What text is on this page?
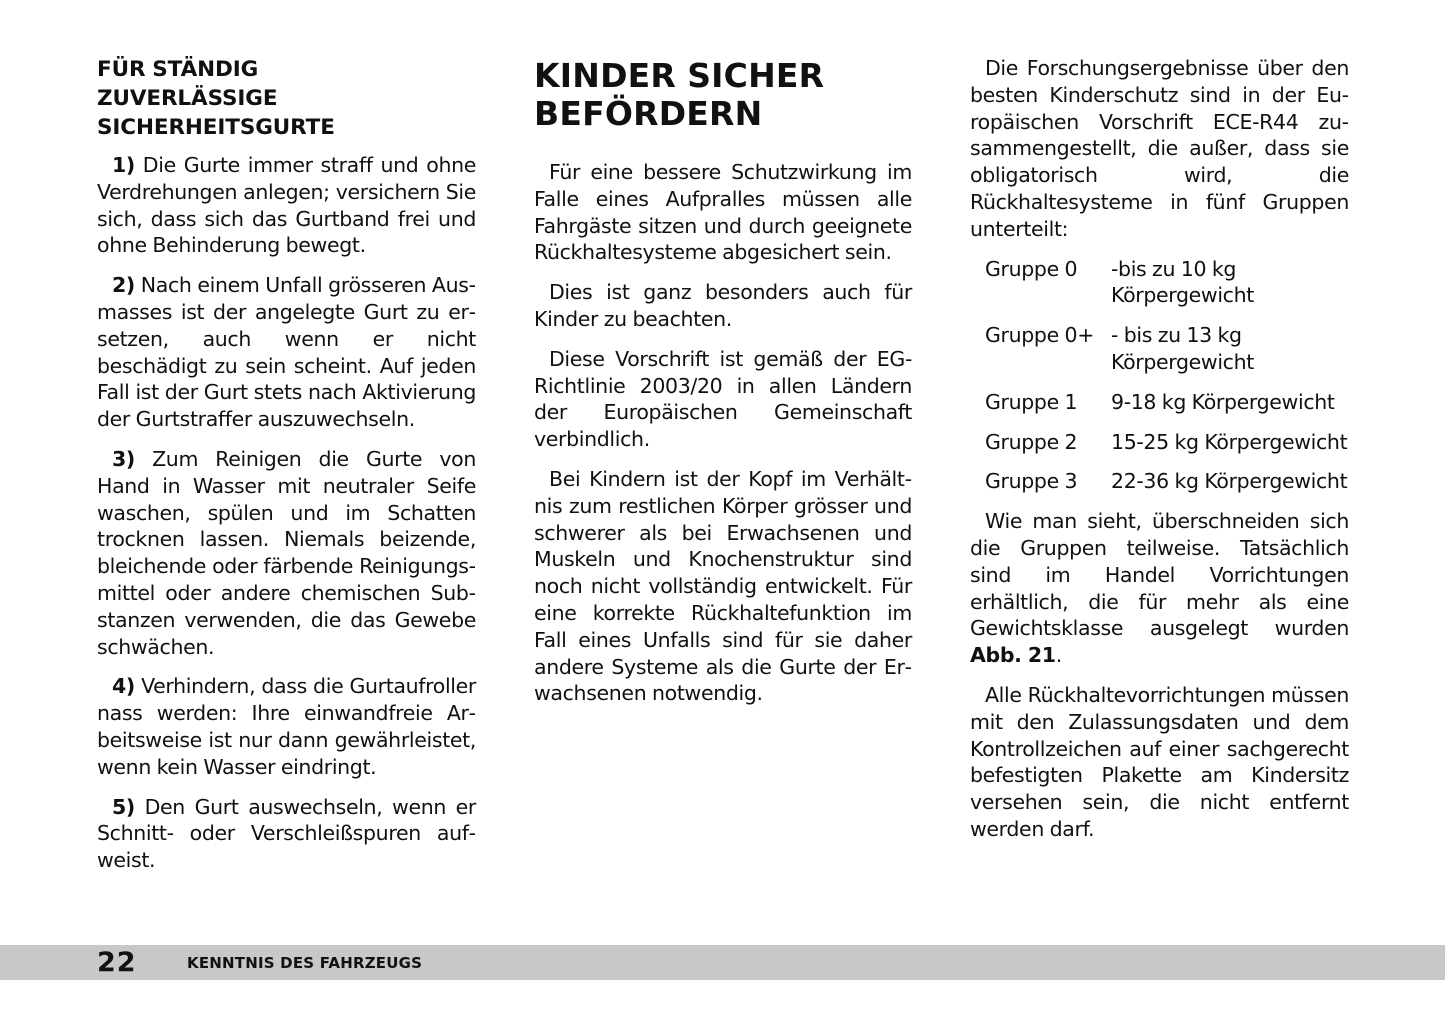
FÜR STÄNDIG
ZUVERLÄSSIGE
SICHERHEITSGURTE

1) Die Gurte immer straff und ohne Verdrehungen anlegen; versichern Sie sich, dass sich das Gurtband frei und ohne Behinderung bewegt.

2) Nach einem Unfall grösseren Ausmasses ist der angelegte Gurt zu ersetzen, auch wenn er nicht beschädigt zu sein scheint. Auf jeden Fall ist der Gurt stets nach Aktivierung der Gurtstraffer auszuwechseln.

3) Zum Reinigen die Gurte von Hand in Wasser mit neutraler Seife waschen, spülen und im Schatten trocknen lassen. Niemals beizende, bleichende oder färbende Reinigungsmittel oder andere chemischen Substanzen verwenden, die das Gewebe schwächen.

4) Verhindern, dass die Gurtaufroller nass werden: Ihre einwandfreie Arbeitsweise ist nur dann gewährleistet, wenn kein Wasser eindringt.

5) Den Gurt auswechseln, wenn er Schnitt- oder Verschleißspuren aufweist.

KINDER SICHER
BEFÖRDERN

Für eine bessere Schutzwirkung im Falle eines Aufpralles müssen alle Fahrgäste sitzen und durch geeignete Rückhaltesysteme abgesichert sein.

Dies ist ganz besonders auch für Kinder zu beachten.

Diese Vorschrift ist gemäß der EG-Richtlinie 2003/20 in allen Ländern der Europäischen Gemeinschaft verbindlich.

Bei Kindern ist der Kopf im Verhältnis zum restlichen Körper grösser und schwerer als bei Erwachsenen und Muskeln und Knochenstruktur sind noch nicht vollständig entwickelt. Für eine korrekte Rückhaltefunktion im Fall eines Unfalls sind für sie daher andere Systeme als die Gurte der Erwachsenen notwendig.

Die Forschungsergebnisse über den besten Kinderschutz sind in der Europäischen Vorschrift ECE-R44 zusammengestellt, die außer, dass sie obligatorisch wird, die Rückhaltesysteme in fünf Gruppen unterteilt:

Gruppe 0	-bis zu 10 kg Körpergewicht
Gruppe 0+ - bis zu 13 kg Körpergewicht
Gruppe 1	9-18 kg Körpergewicht
Gruppe 2	15-25 kg Körpergewicht
Gruppe 3	22-36 kg Körpergewicht

Wie man sieht, überschneiden sich die Gruppen teilweise. Tatsächlich sind im Handel Vorrichtungen erhältlich, die für mehr als eine Gewichtsklasse ausgelegt wurden Abb. 21.

Alle Rückhaltevorrichtungen müssen mit den Zulassungsdaten und dem Kontrollzeichen auf einer sachgerecht befestigten Plakette am Kindersitz versehen sein, die nicht entfernt werden darf.

22	KENNTNIS DES FAHRZEUGS
